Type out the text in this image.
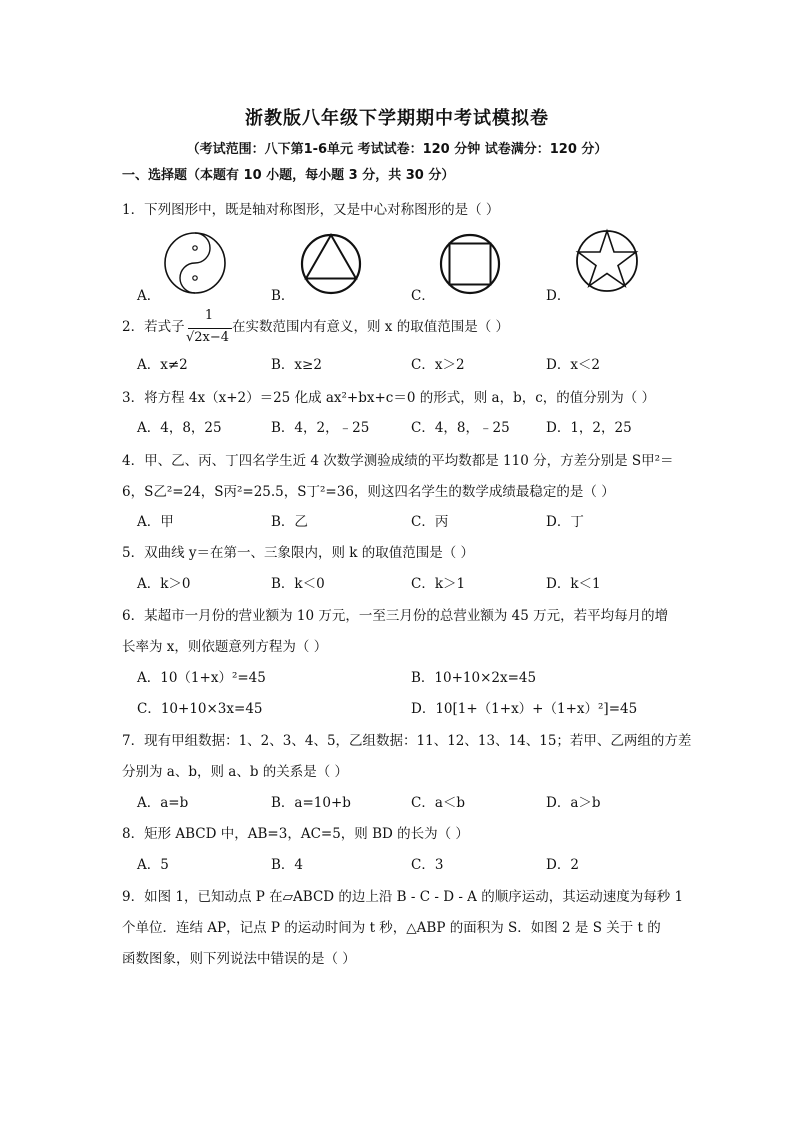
浙教版八年级下学期期中考试模拟卷
（考试范围：八下第1-6单元 考试试卷：120 分钟 试卷满分：120 分）
一、选择题（本题有 10 小题，每小题 3 分，共 30 分）
1．下列图形中，既是轴对称图形，又是中心对称图形的是（ ）
A．	B．	C．	D．
2．若式子
1
√2x−4
在实数范围内有意义，则 x 的取值范围是（ ）
A．x≠2	B．x≥2	C．x＞2	D．x＜2
3．将方程 4x（x+2）＝25 化成 ax²+bx+c＝0 的形式，则 a，b，c，的值分别为（ ）
A．4，8，25	B．4，2，﹣25	C．4，8，﹣25	D．1，2，25
4．甲、乙、丙、丁四名学生近 4 次数学测验成绩的平均数都是 110 分，方差分别是 S甲²＝
6，S乙²=24，S丙²=25.5，S丁²=36，则这四名学生的数学成绩最稳定的是（ ）
A．甲	B．乙	C．丙	D．丁
5．双曲线 y＝在第一、三象限内，则 k 的取值范围是（ ）
A．k＞0	B．k＜0	C．k＞1	D．k＜1
6．某超市一月份的营业额为 10 万元，一至三月份的总营业额为 45 万元，若平均每月的增
长率为 x，则依题意列方程为（ ）
A．10（1+x）²=45	B．10+10×2x=45
C．10+10×3x=45	D．10[1+（1+x）+（1+x）²]=45
7．现有甲组数据：1、2、3、4、5，乙组数据：11、12、13、14、15；若甲、乙两组的方差
分别为 a、b，则 a、b 的关系是（ ）
A．a=b	B．a=10+b	C．a＜b	D．a＞b
8．矩形 ABCD 中，AB=3，AC=5，则 BD 的长为（ ）
A．5	B．4	C．3	D．2
9．如图 1，已知动点 P 在▱ABCD 的边上沿 B - C - D - A 的顺序运动，其运动速度为每秒 1
个单位．连结 AP，记点 P 的运动时间为 t 秒，△ABP 的面积为 S．如图 2 是 S 关于 t 的
函数图象，则下列说法中错误的是（ ）
